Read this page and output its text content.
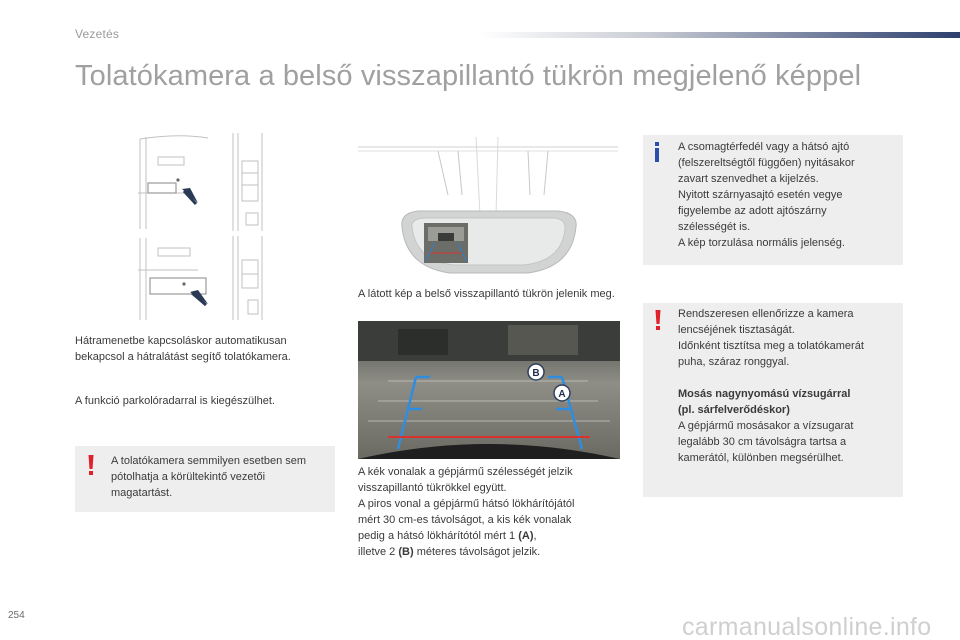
Vezetés
Tolatókamera a belső visszapillantó tükrön megjelenő képpel
Hátramenetbe kapcsoláskor automatikusan bekapcsol a hátralátást segítő tolatókamera.
A funkció parkolóradarral is kiegészülhet.
A tolatókamera semmilyen esetben sem pótolhatja a körültekintő vezetői magatartást.
A látott kép a belső visszapillantó tükrön jelenik meg.
B
A
A kék vonalak a gépjármű szélességét jelzik
visszapillantó tükrökkel együtt.
A piros vonal a gépjármű hátsó lökhárítójától
mért 30 cm-es távolságot, a kis kék vonalak
pedig a hátsó lökhárítótól mért 1 (A),
illetve 2 (B) méteres távolságot jelzik.
A csomagtérfedél vagy a hátsó ajtó
(felszereltségtől függően) nyitásakor
zavart szenvedhet a kijelzés.
Nyitott szárnyasajtó esetén vegye
figyelembe az adott ajtószárny
szélességét is.
A kép torzulása normális jelenség.
Rendszeresen ellenőrizze a kamera
lencséjének tisztaságát.
Időnként tisztítsa meg a tolatókamerát
puha, száraz ronggyal.

Mosás nagynyomású vízsugárral
(pl. sárfelverődéskor)
A gépjármű mosásakor a vízsugarat
legalább 30 cm távolságra tartsa a
kamerától, különben megsérülhet.
254	carmanualsonline.info
